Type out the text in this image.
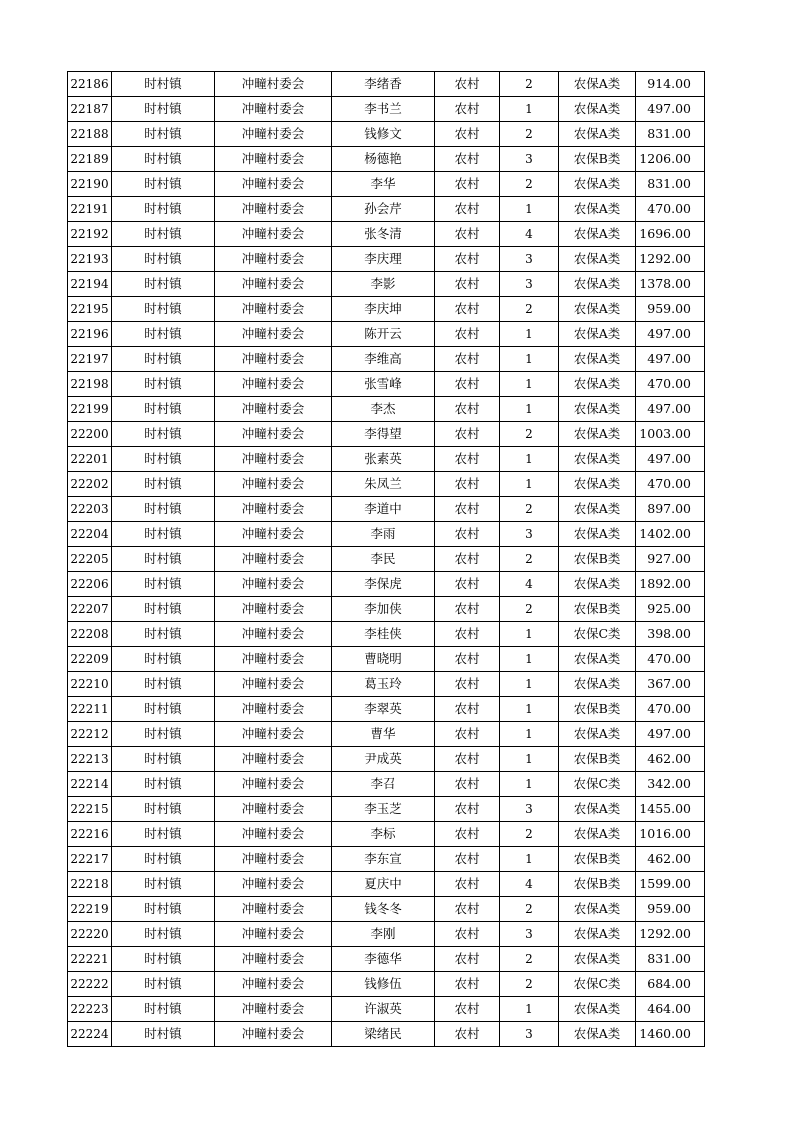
22186	时村镇	冲疃村委会	李绪香	农村	2	农保A类	914.00
22187	时村镇	冲疃村委会	李书兰	农村	1	农保A类	497.00
22188	时村镇	冲疃村委会	钱修文	农村	2	农保A类	831.00
22189	时村镇	冲疃村委会	杨德艳	农村	3	农保B类	1206.00
22190	时村镇	冲疃村委会	李华	农村	2	农保A类	831.00
22191	时村镇	冲疃村委会	孙会芹	农村	1	农保A类	470.00
22192	时村镇	冲疃村委会	张冬清	农村	4	农保A类	1696.00
22193	时村镇	冲疃村委会	李庆理	农村	3	农保A类	1292.00
22194	时村镇	冲疃村委会	李影	农村	3	农保A类	1378.00
22195	时村镇	冲疃村委会	李庆坤	农村	2	农保A类	959.00
22196	时村镇	冲疃村委会	陈开云	农村	1	农保A类	497.00
22197	时村镇	冲疃村委会	李维高	农村	1	农保A类	497.00
22198	时村镇	冲疃村委会	张雪峰	农村	1	农保A类	470.00
22199	时村镇	冲疃村委会	李杰	农村	1	农保A类	497.00
22200	时村镇	冲疃村委会	李得望	农村	2	农保A类	1003.00
22201	时村镇	冲疃村委会	张素英	农村	1	农保A类	497.00
22202	时村镇	冲疃村委会	朱凤兰	农村	1	农保A类	470.00
22203	时村镇	冲疃村委会	李道中	农村	2	农保A类	897.00
22204	时村镇	冲疃村委会	李雨	农村	3	农保A类	1402.00
22205	时村镇	冲疃村委会	李民	农村	2	农保B类	927.00
22206	时村镇	冲疃村委会	李保虎	农村	4	农保A类	1892.00
22207	时村镇	冲疃村委会	李加侠	农村	2	农保B类	925.00
22208	时村镇	冲疃村委会	李桂侠	农村	1	农保C类	398.00
22209	时村镇	冲疃村委会	曹晓明	农村	1	农保A类	470.00
22210	时村镇	冲疃村委会	葛玉玲	农村	1	农保A类	367.00
22211	时村镇	冲疃村委会	李翠英	农村	1	农保B类	470.00
22212	时村镇	冲疃村委会	曹华	农村	1	农保A类	497.00
22213	时村镇	冲疃村委会	尹成英	农村	1	农保B类	462.00
22214	时村镇	冲疃村委会	李召	农村	1	农保C类	342.00
22215	时村镇	冲疃村委会	李玉芝	农村	3	农保A类	1455.00
22216	时村镇	冲疃村委会	李标	农村	2	农保A类	1016.00
22217	时村镇	冲疃村委会	李东宣	农村	1	农保B类	462.00
22218	时村镇	冲疃村委会	夏庆中	农村	4	农保B类	1599.00
22219	时村镇	冲疃村委会	钱冬冬	农村	2	农保A类	959.00
22220	时村镇	冲疃村委会	李刚	农村	3	农保A类	1292.00
22221	时村镇	冲疃村委会	李德华	农村	2	农保A类	831.00
22222	时村镇	冲疃村委会	钱修伍	农村	2	农保C类	684.00
22223	时村镇	冲疃村委会	许淑英	农村	1	农保A类	464.00
22224	时村镇	冲疃村委会	梁绪民	农村	3	农保A类	1460.00
